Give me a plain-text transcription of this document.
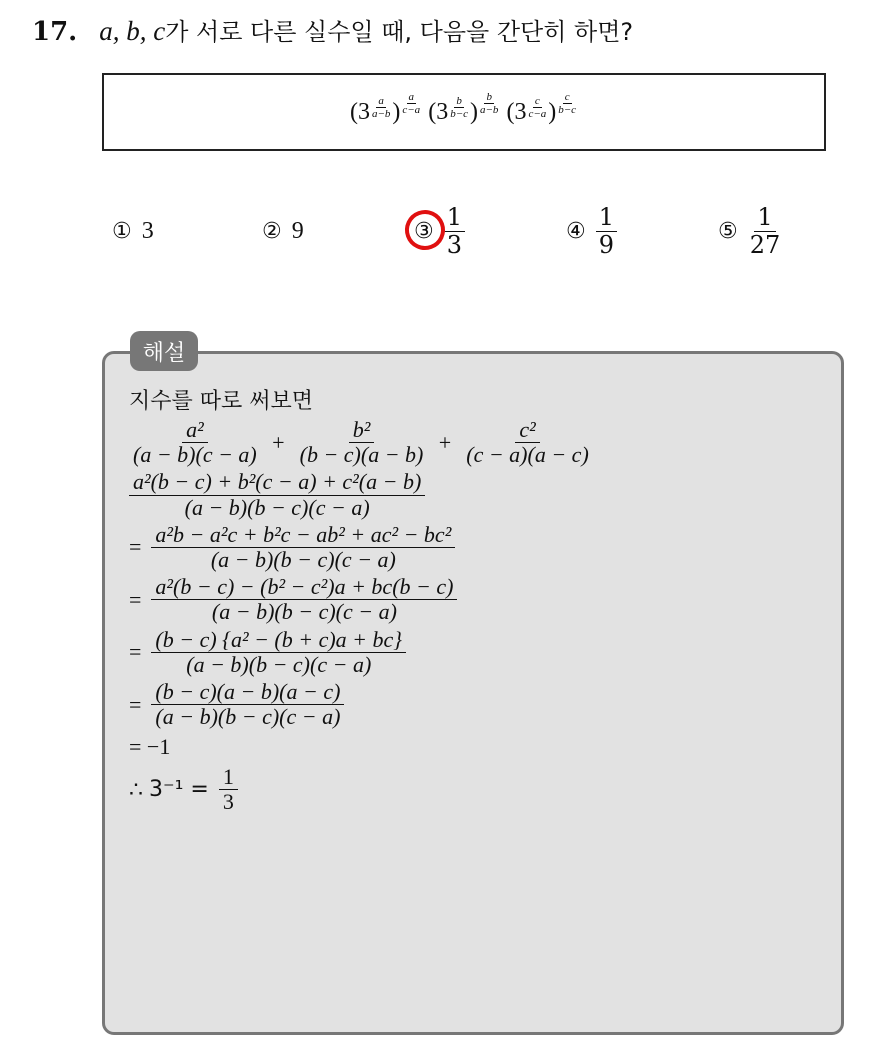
17. a, b, c가 서로 다른 실수일 때, 다음을 간단히 하면?
( $3 \frac{a}{a-b}$ ) $\frac{a}{c-a}$ ( $3 \frac{b}{b-c}$ ) $\frac{b}{a-b}$ ( $3 \frac{c}{c-a}$ ) $\frac{c}{b-c}$
① 3	② 9	③ $\frac{1}{3}$	④ $\frac{1}{9}$	⑤ $\frac{1}{27}$
해설
지수를 따로 써보면
$\frac{\text{a²}}{(a - b)(c - a)} + \frac{\text{b²}}{(b - c)(a - b)} + \frac{\text{c²}}{(c - a)(a - c)}$
$\frac{\text{a²(b − c) + b²(c − a) + c²(a − b)}}{(a - b)(b - c)(c - a)}$
= $\frac{\text{a²b − a²c + b²c − ab² + ac² − bc²}}{(a - b)(b - c)(c - a)}$
= $\frac{\text{a²(b − c) − (b² − c²)a + bc(b − c)}}{(a - b)(b - c)(c - a)}$
= $\frac{\text{(b − c) \{a² − (b + c)a + bc\}}}{(a - b)(b - c)(c - a)}$
= $\frac{(b - c)(a - b)(a - c)}{(a - b)(b - c)(c - a)}$
= −1
∴ $3^{-1} = \frac{1}{3}$
